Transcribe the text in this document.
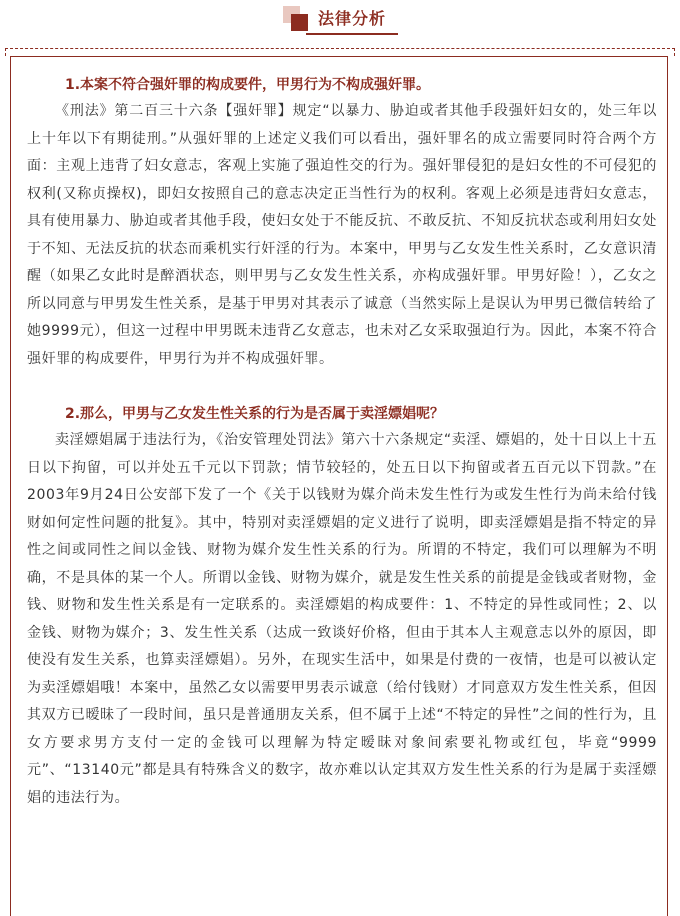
法律分析
1.本案不符合强奸罪的构成要件，甲男行为不构成强奸罪。

《刑法》第二百三十六条【强奸罪】规定“以暴力、胁迫或者其他手段强奸妇女的，处三年以上十年以下有期徒刑。”从强奸罪的上述定义我们可以看出，强奸罪名的成立需要同时符合两个方面：主观上违背了妇女意志，客观上实施了强迫性交的行为。强奸罪侵犯的是妇女性的不可侵犯的权利(又称贞操权)，即妇女按照自己的意志决定正当性行为的权利。客观上必须是违背妇女意志，具有使用暴力、胁迫或者其他手段，使妇女处于不能反抗、不敢反抗、不知反抗状态或利用妇女处于不知、无法反抗的状态而乘机实行奸淫的行为。本案中，甲男与乙女发生性关系时，乙女意识清醒（如果乙女此时是醉酒状态，则甲男与乙女发生性关系，亦构成强奸罪。甲男好险！），乙女之所以同意与甲男发生性关系，是基于甲男对其表示了诚意（当然实际上是误认为甲男已微信转给了她9999元），但这一过程中甲男既未违背乙女意志，也未对乙女采取强迫行为。因此，本案不符合强奸罪的构成要件，甲男行为并不构成强奸罪。

2.那么，甲男与乙女发生性关系的行为是否属于卖淫嫖娼呢？

卖淫嫖娼属于违法行为，《治安管理处罚法》第六十六条规定“卖淫、嫖娼的，处十日以上十五日以下拘留，可以并处五千元以下罚款；情节较轻的，处五日以下拘留或者五百元以下罚款。”在2003年9月24日公安部下发了一个《关于以钱财为媒介尚未发生性行为或发生性行为尚未给付钱财如何定性问题的批复》。其中，特别对卖淫嫖娼的定义进行了说明，即卖淫嫖娼是指不特定的异性之间或同性之间以金钱、财物为媒介发生性关系的行为。所谓的不特定，我们可以理解为不明确，不是具体的某一个人。所谓以金钱、财物为媒介，就是发生性关系的前提是金钱或者财物，金钱、财物和发生性关系是有一定联系的。卖淫嫖娼的构成要件：1、不特定的异性或同性；2、以金钱、财物为媒介；3、发生性关系（达成一致谈好价格，但由于其本人主观意志以外的原因，即使没有发生关系，也算卖淫嫖娼）。另外，在现实生活中，如果是付费的一夜情，也是可以被认定为卖淫嫖娼哦！本案中，虽然乙女以需要甲男表示诚意（给付钱财）才同意双方发生性关系，但因其双方已暧昧了一段时间，虽只是普通朋友关系，但不属于上述“不特定的异性”之间的性行为，且女方要求男方支付一定的金钱可以理解为特定暧昧对象间索要礼物或红包，毕竟“9999元”、“13140元”都是具有特殊含义的数字，故亦难以认定其双方发生性关系的行为是属于卖淫嫖娼的违法行为。
